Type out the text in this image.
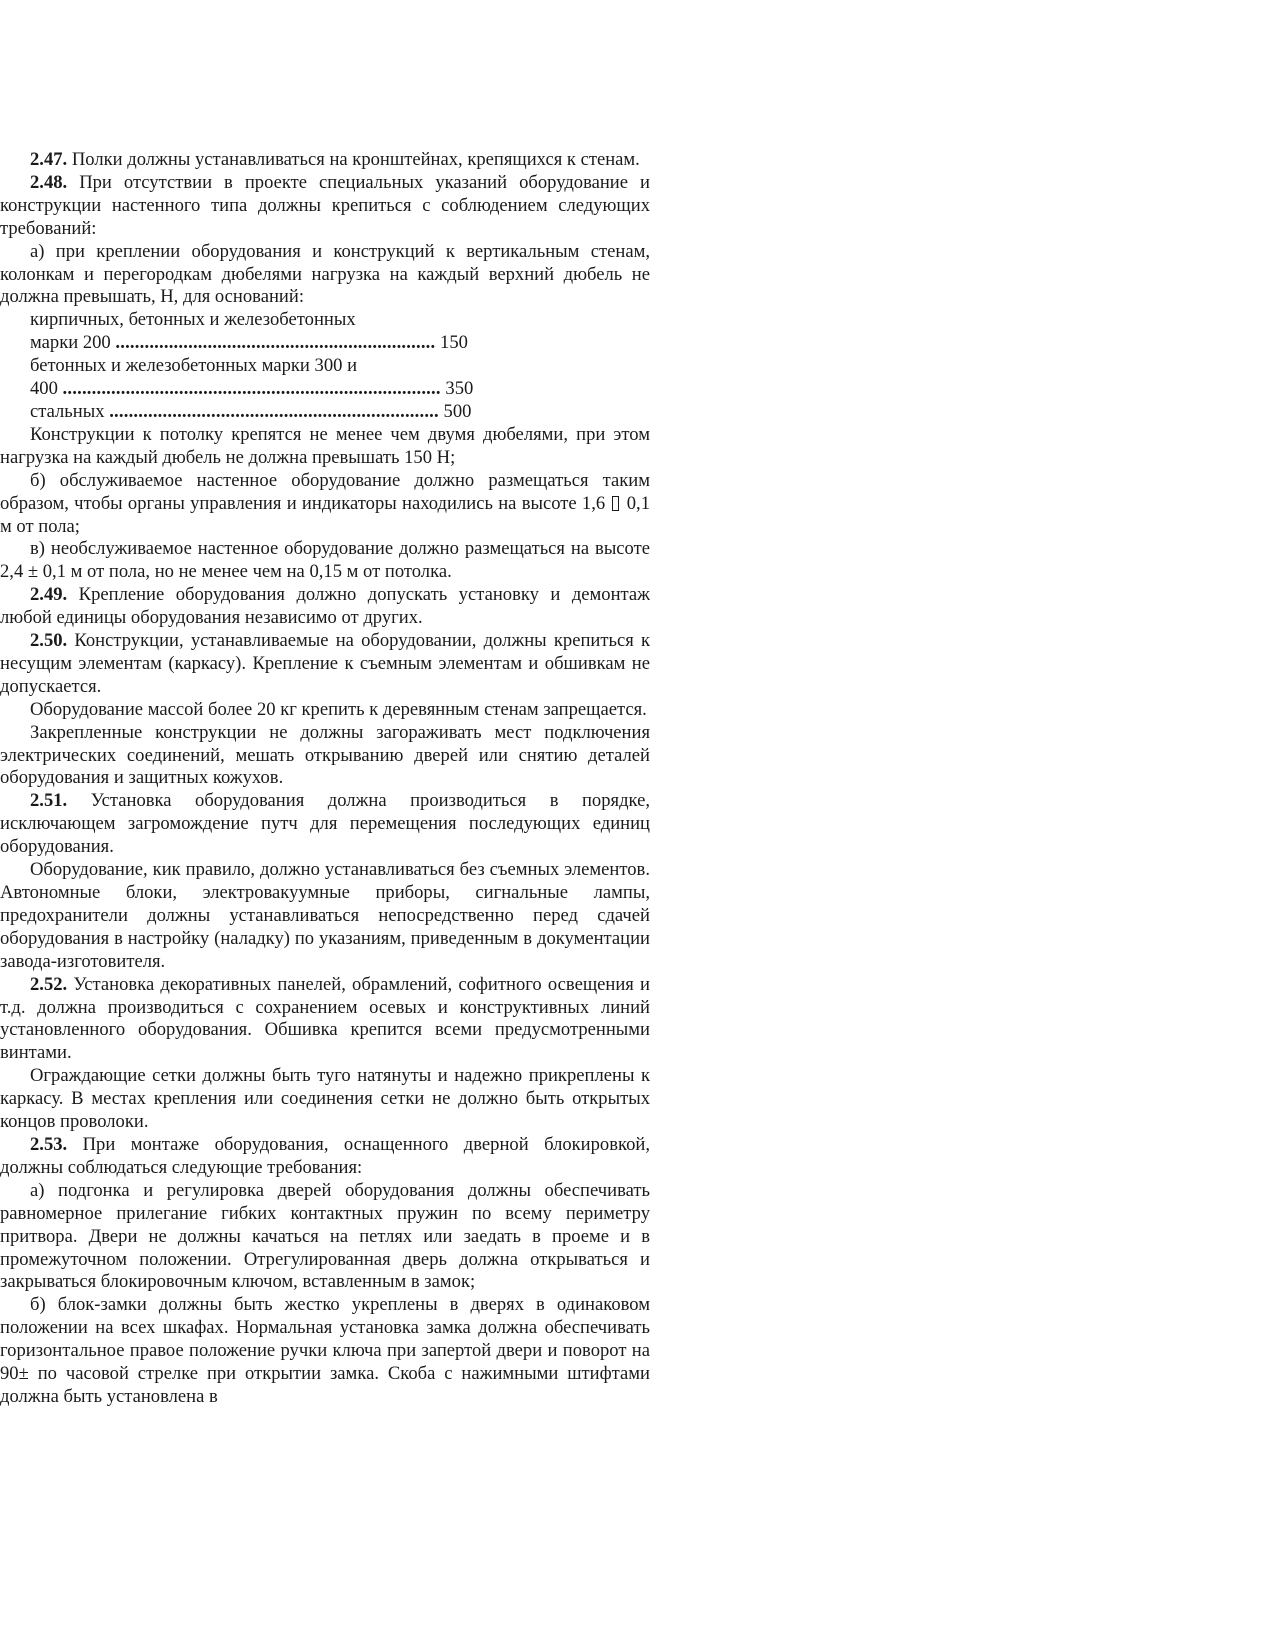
2.47. Полки должны устанавливаться на кронштейнах, крепящихся к стенам.

2.48. При отсутствии в проекте специальных указаний оборудование и конструкции настенного типа должны крепиться с соблюдением следующих требований:

а) при креплении оборудования и конструкций к вертикальным стенам, колонкам и перегородкам дюбелями нагрузка на каждый верхний дюбель не должна превышать, Н, для оснований:

кирпичных, бетонных и железобетонных

марки 200 .................................................................. 150

бетонных и железобетонных марки 300 и

400 .............................................................................. 350

стальных .................................................................... 500

Конструкции к потолку крепятся не менее чем двумя дюбелями, при этом нагрузка на каждый дюбель не должна превышать 150 Н;

б) обслуживаемое настенное оборудование должно размещаться таким образом, чтобы органы управления и индикаторы находились на высоте 1,6 0,1 м от пола;

в) необслуживаемое настенное оборудование должно размещаться на высоте 2,4 ± 0,1 м от пола, но не менее чем на 0,15 м от потолка.

2.49. Крепление оборудования должно допускать установку и демонтаж любой единицы оборудования независимо от других.

2.50. Конструкции, устанавливаемые на оборудовании, должны крепиться к несущим элементам (каркасу). Крепление к съемным элементам и обшивкам не допускается.

Оборудование массой более 20 кг крепить к деревянным стенам запрещается.

Закрепленные конструкции не должны загораживать мест подключения электрических соединений, мешать открыванию дверей или снятию деталей оборудования и защитных кожухов.

2.51. Установка оборудования должна производиться в порядке, исключающем загромождение путч для перемещения последующих единиц оборудования.

Оборудование, кик правило, должно устанавливаться без съемных элементов. Автономные блоки, электровакуумные приборы, сигнальные лампы, предохранители должны устанавливаться непосредственно перед сдачей оборудования в настройку (наладку) по указаниям, приведенным в документации завода-изготовителя.

2.52. Установка декоративных панелей, обрамлений, софитного освещения и т.д. должна производиться с сохранением осевых и конструктивных линий установленного оборудования. Обшивка крепится всеми предусмотренными винтами.

Ограждающие сетки должны быть туго натянуты и надежно прикреплены к каркасу. В местах крепления или соединения сетки не должно быть открытых концов проволоки.

2.53. При монтаже оборудования, оснащенного дверной блокировкой, должны соблюдаться следующие требования:

а) подгонка и регулировка дверей оборудования должны обеспечивать равномерное прилегание гибких контактных пружин по всему периметру притвора. Двери не должны качаться на петлях или заедать в проеме и в промежуточном положении. Отрегулированная дверь должна открываться и закрываться блокировочным ключом, вставленным в замок;

б) блок-замки должны быть жестко укреплены в дверях в одинаковом положении на всех шкафах. Нормальная установка замка должна обеспечивать горизонтальное правое положение ручки ключа при запертой двери и поворот на 90± по часовой стрелке при открытии замка. Скоба с нажимными штифтами должна быть установлена в
